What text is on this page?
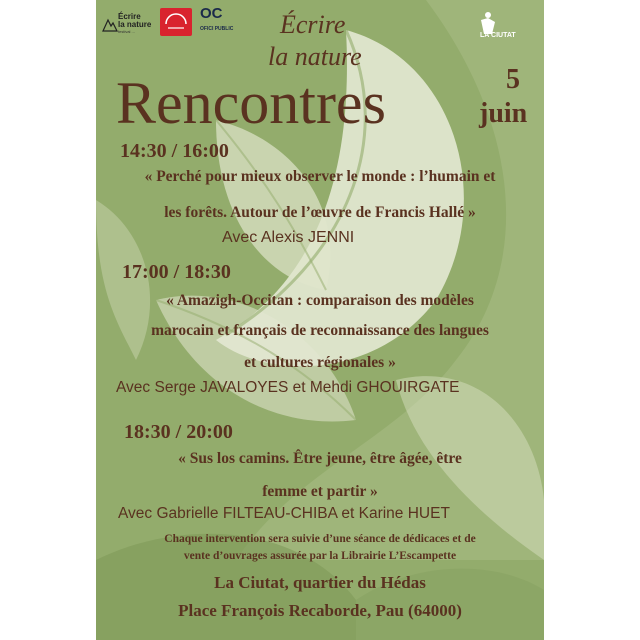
Écrire
la nature
festival ...
OC
OFICI PUBLIC
LA CIUTAT
Écrire
la nature
Rencontres	5
juin
14:30 / 16:00
« Perché pour mieux observer le monde : l’humain et
les forêts. Autour de l’œuvre de Francis Hallé »
Avec Alexis JENNI
17:00 / 18:30
« Amazigh-Occitan : comparaison des modèles
marocain et français de reconnaissance des langues
et cultures régionales »
Avec Serge JAVALOYES et Mehdi GHOUIRGATE
18:30 / 20:00
« Sus los camins. Être jeune, être âgée, être
femme et partir »
Avec Gabrielle FILTEAU-CHIBA et Karine HUET
Chaque intervention sera suivie d’une séance de dédicaces et de
vente d’ouvrages assurée par la Librairie L’Escampette
La Ciutat, quartier du Hédas
Place François Recaborde, Pau (64000)
